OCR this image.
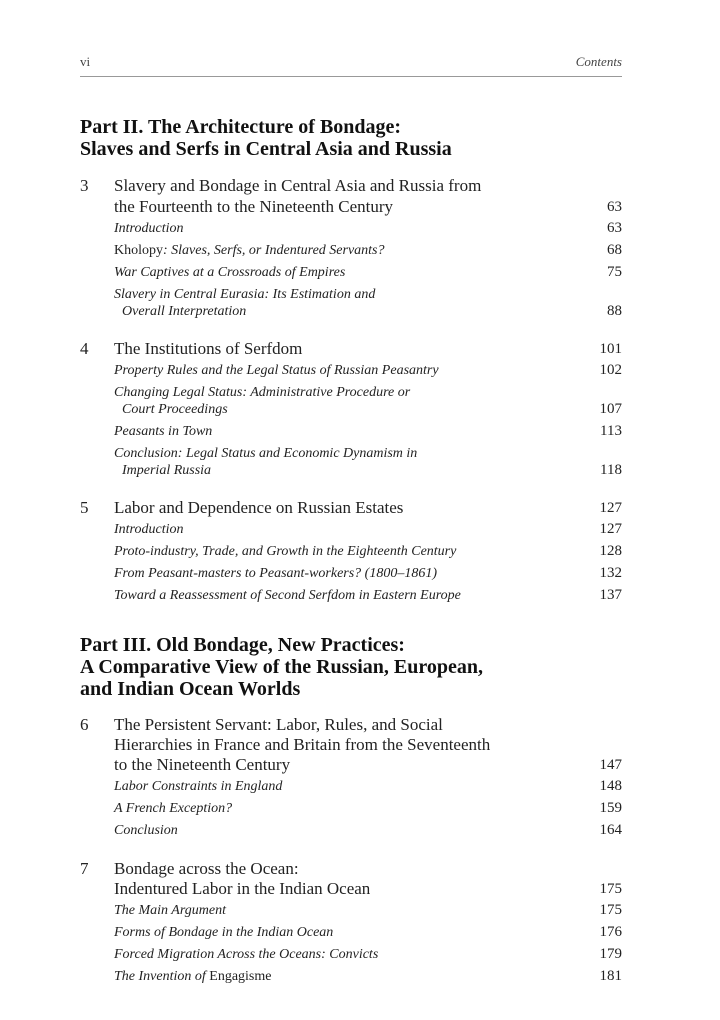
vi	Contents
Part II. The Architecture of Bondage:
Slaves and Serfs in Central Asia and Russia
3 Slavery and Bondage in Central Asia and Russia from
the Fourteenth to the Nineteenth Century	63
Introduction	63
Kholopy: Slaves, Serfs, or Indentured Servants?	68
War Captives at a Crossroads of Empires	75
Slavery in Central Eurasia: Its Estimation and
Overall Interpretation	88
4 The Institutions of Serfdom	101
Property Rules and the Legal Status of Russian Peasantry	102
Changing Legal Status: Administrative Procedure or
Court Proceedings	107
Peasants in Town	113
Conclusion: Legal Status and Economic Dynamism in
Imperial Russia	118
5 Labor and Dependence on Russian Estates	127
Introduction	127
Proto-industry, Trade, and Growth in the Eighteenth Century	128
From Peasant-masters to Peasant-workers? (1800–1861)	132
Toward a Reassessment of Second Serfdom in Eastern Europe	137
Part III. Old Bondage, New Practices:
A Comparative View of the Russian, European,
and Indian Ocean Worlds
6 The Persistent Servant: Labor, Rules, and Social
Hierarchies in France and Britain from the Seventeenth
to the Nineteenth Century	147
Labor Constraints in England	148
A French Exception?	159
Conclusion	164
7 Bondage across the Ocean:
Indentured Labor in the Indian Ocean	175
The Main Argument	175
Forms of Bondage in the Indian Ocean	176
Forced Migration Across the Oceans: Convicts	179
The Invention of Engagisme	181
